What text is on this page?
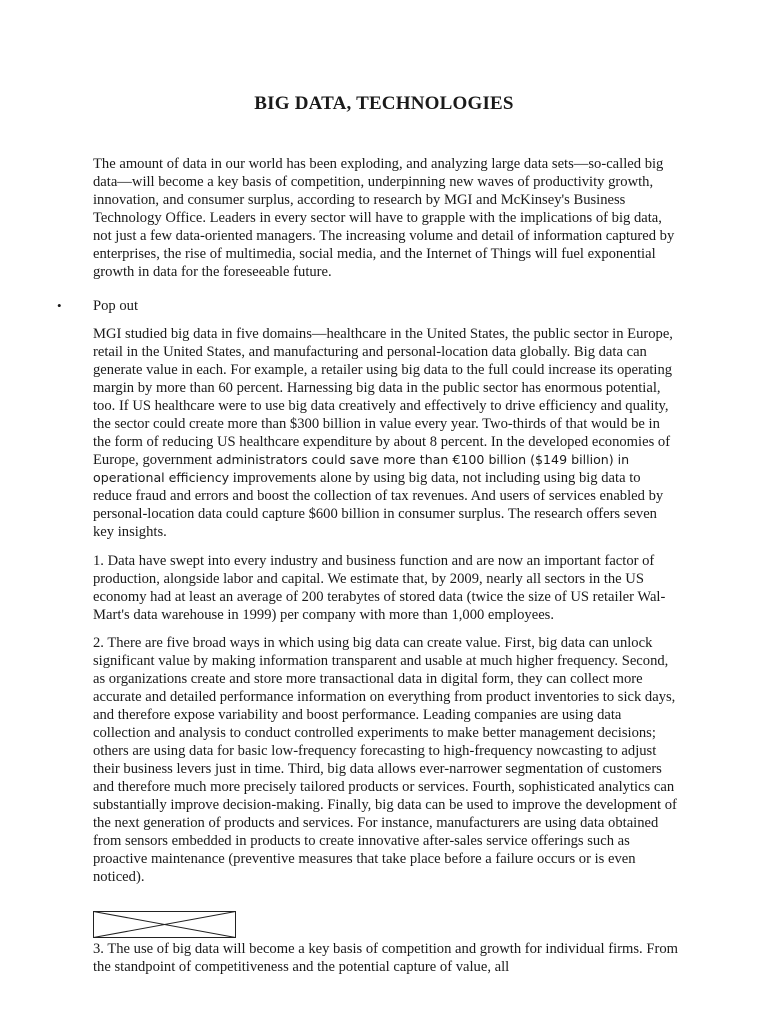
BIG DATA, TECHNOLOGIES

The amount of data in our world has been exploding, and analyzing large data sets—so-called big data—will become a key basis of competition, underpinning new waves of productivity growth, innovation, and consumer surplus, according to research by MGI and McKinsey's Business Technology Office. Leaders in every sector will have to grapple with the implications of big data, not just a few data-oriented managers. The increasing volume and detail of information captured by enterprises, the rise of multimedia, social media, and the Internet of Things will fuel exponential growth in data for the foreseeable future.

• Pop out

MGI studied big data in five domains—healthcare in the United States, the public sector in Europe, retail in the United States, and manufacturing and personal-location data globally. Big data can generate value in each. For example, a retailer using big data to the full could increase its operating margin by more than 60 percent. Harnessing big data in the public sector has enormous potential, too. If US healthcare were to use big data creatively and effectively to drive efficiency and quality, the sector could create more than $300 billion in value every year. Two-thirds of that would be in the form of reducing US healthcare expenditure by about 8 percent. In the developed economies of Europe, government administrators could save more than €100 billion ($149 billion) in operational efficiency improvements alone by using big data, not including using big data to reduce fraud and errors and boost the collection of tax revenues. And users of services enabled by personal-location data could capture $600 billion in consumer surplus. The research offers seven key insights.

1. Data have swept into every industry and business function and are now an important factor of production, alongside labor and capital. We estimate that, by 2009, nearly all sectors in the US economy had at least an average of 200 terabytes of stored data (twice the size of US retailer Wal-Mart's data warehouse in 1999) per company with more than 1,000 employees.

2. There are five broad ways in which using big data can create value. First, big data can unlock significant value by making information transparent and usable at much higher frequency. Second, as organizations create and store more transactional data in digital form, they can collect more accurate and detailed performance information on everything from product inventories to sick days, and therefore expose variability and boost performance. Leading companies are using data collection and analysis to conduct controlled experiments to make better management decisions; others are using data for basic low-frequency forecasting to high-frequency nowcasting to adjust their business levers just in time. Third, big data allows ever-narrower segmentation of customers and therefore much more precisely tailored products or services. Fourth, sophisticated analytics can substantially improve decision-making. Finally, big data can be used to improve the development of the next generation of products and services. For instance, manufacturers are using data obtained from sensors embedded in products to create innovative after-sales service offerings such as proactive maintenance (preventive measures that take place before a failure occurs or is even noticed).

3. The use of big data will become a key basis of competition and growth for individual firms. From the standpoint of competitiveness and the potential capture of value, all
